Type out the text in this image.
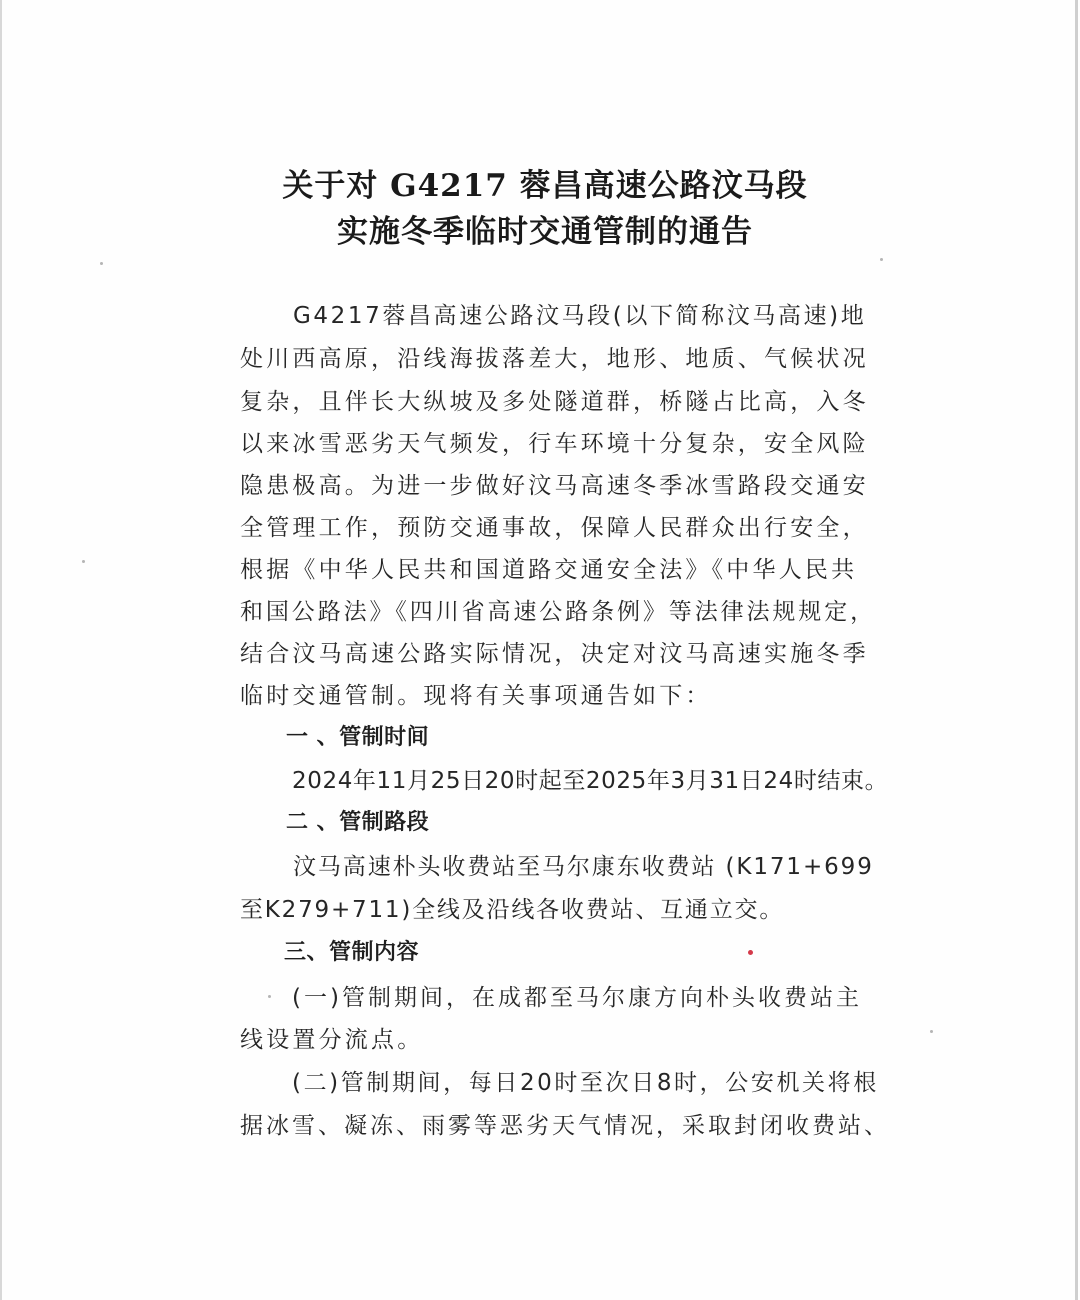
关于对 G4217 蓉昌高速公路汶马段
实施冬季临时交通管制的通告
G4217蓉昌高速公路汶马段(以下简称汶马高速)地
处川西高原，沿线海拔落差大，地形、地质、气候状况
复杂，且伴长大纵坡及多处隧道群，桥隧占比高，入冬
以来冰雪恶劣天气频发，行车环境十分复杂，安全风险
隐患极高。为进一步做好汶马高速冬季冰雪路段交通安
全管理工作，预防交通事故，保障人民群众出行安全，
根据《中华人民共和国道路交通安全法》《中华人民共
和国公路法》《四川省高速公路条例》等法律法规规定，
结合汶马高速公路实际情况，决定对汶马高速实施冬季
临时交通管制。现将有关事项通告如下：
一 、管制时间
2024年11月25日20时起至2025年3月31日24时结束。
二 、管制路段
汶马高速朴头收费站至马尔康东收费站 (K171+699
至K279+711)全线及沿线各收费站、互通立交。
三、管制内容
(一)管制期间，在成都至马尔康方向朴头收费站主
线设置分流点。
(二)管制期间，每日20时至次日8时，公安机关将根
据冰雪、凝冻、雨雾等恶劣天气情况，采取封闭收费站、
